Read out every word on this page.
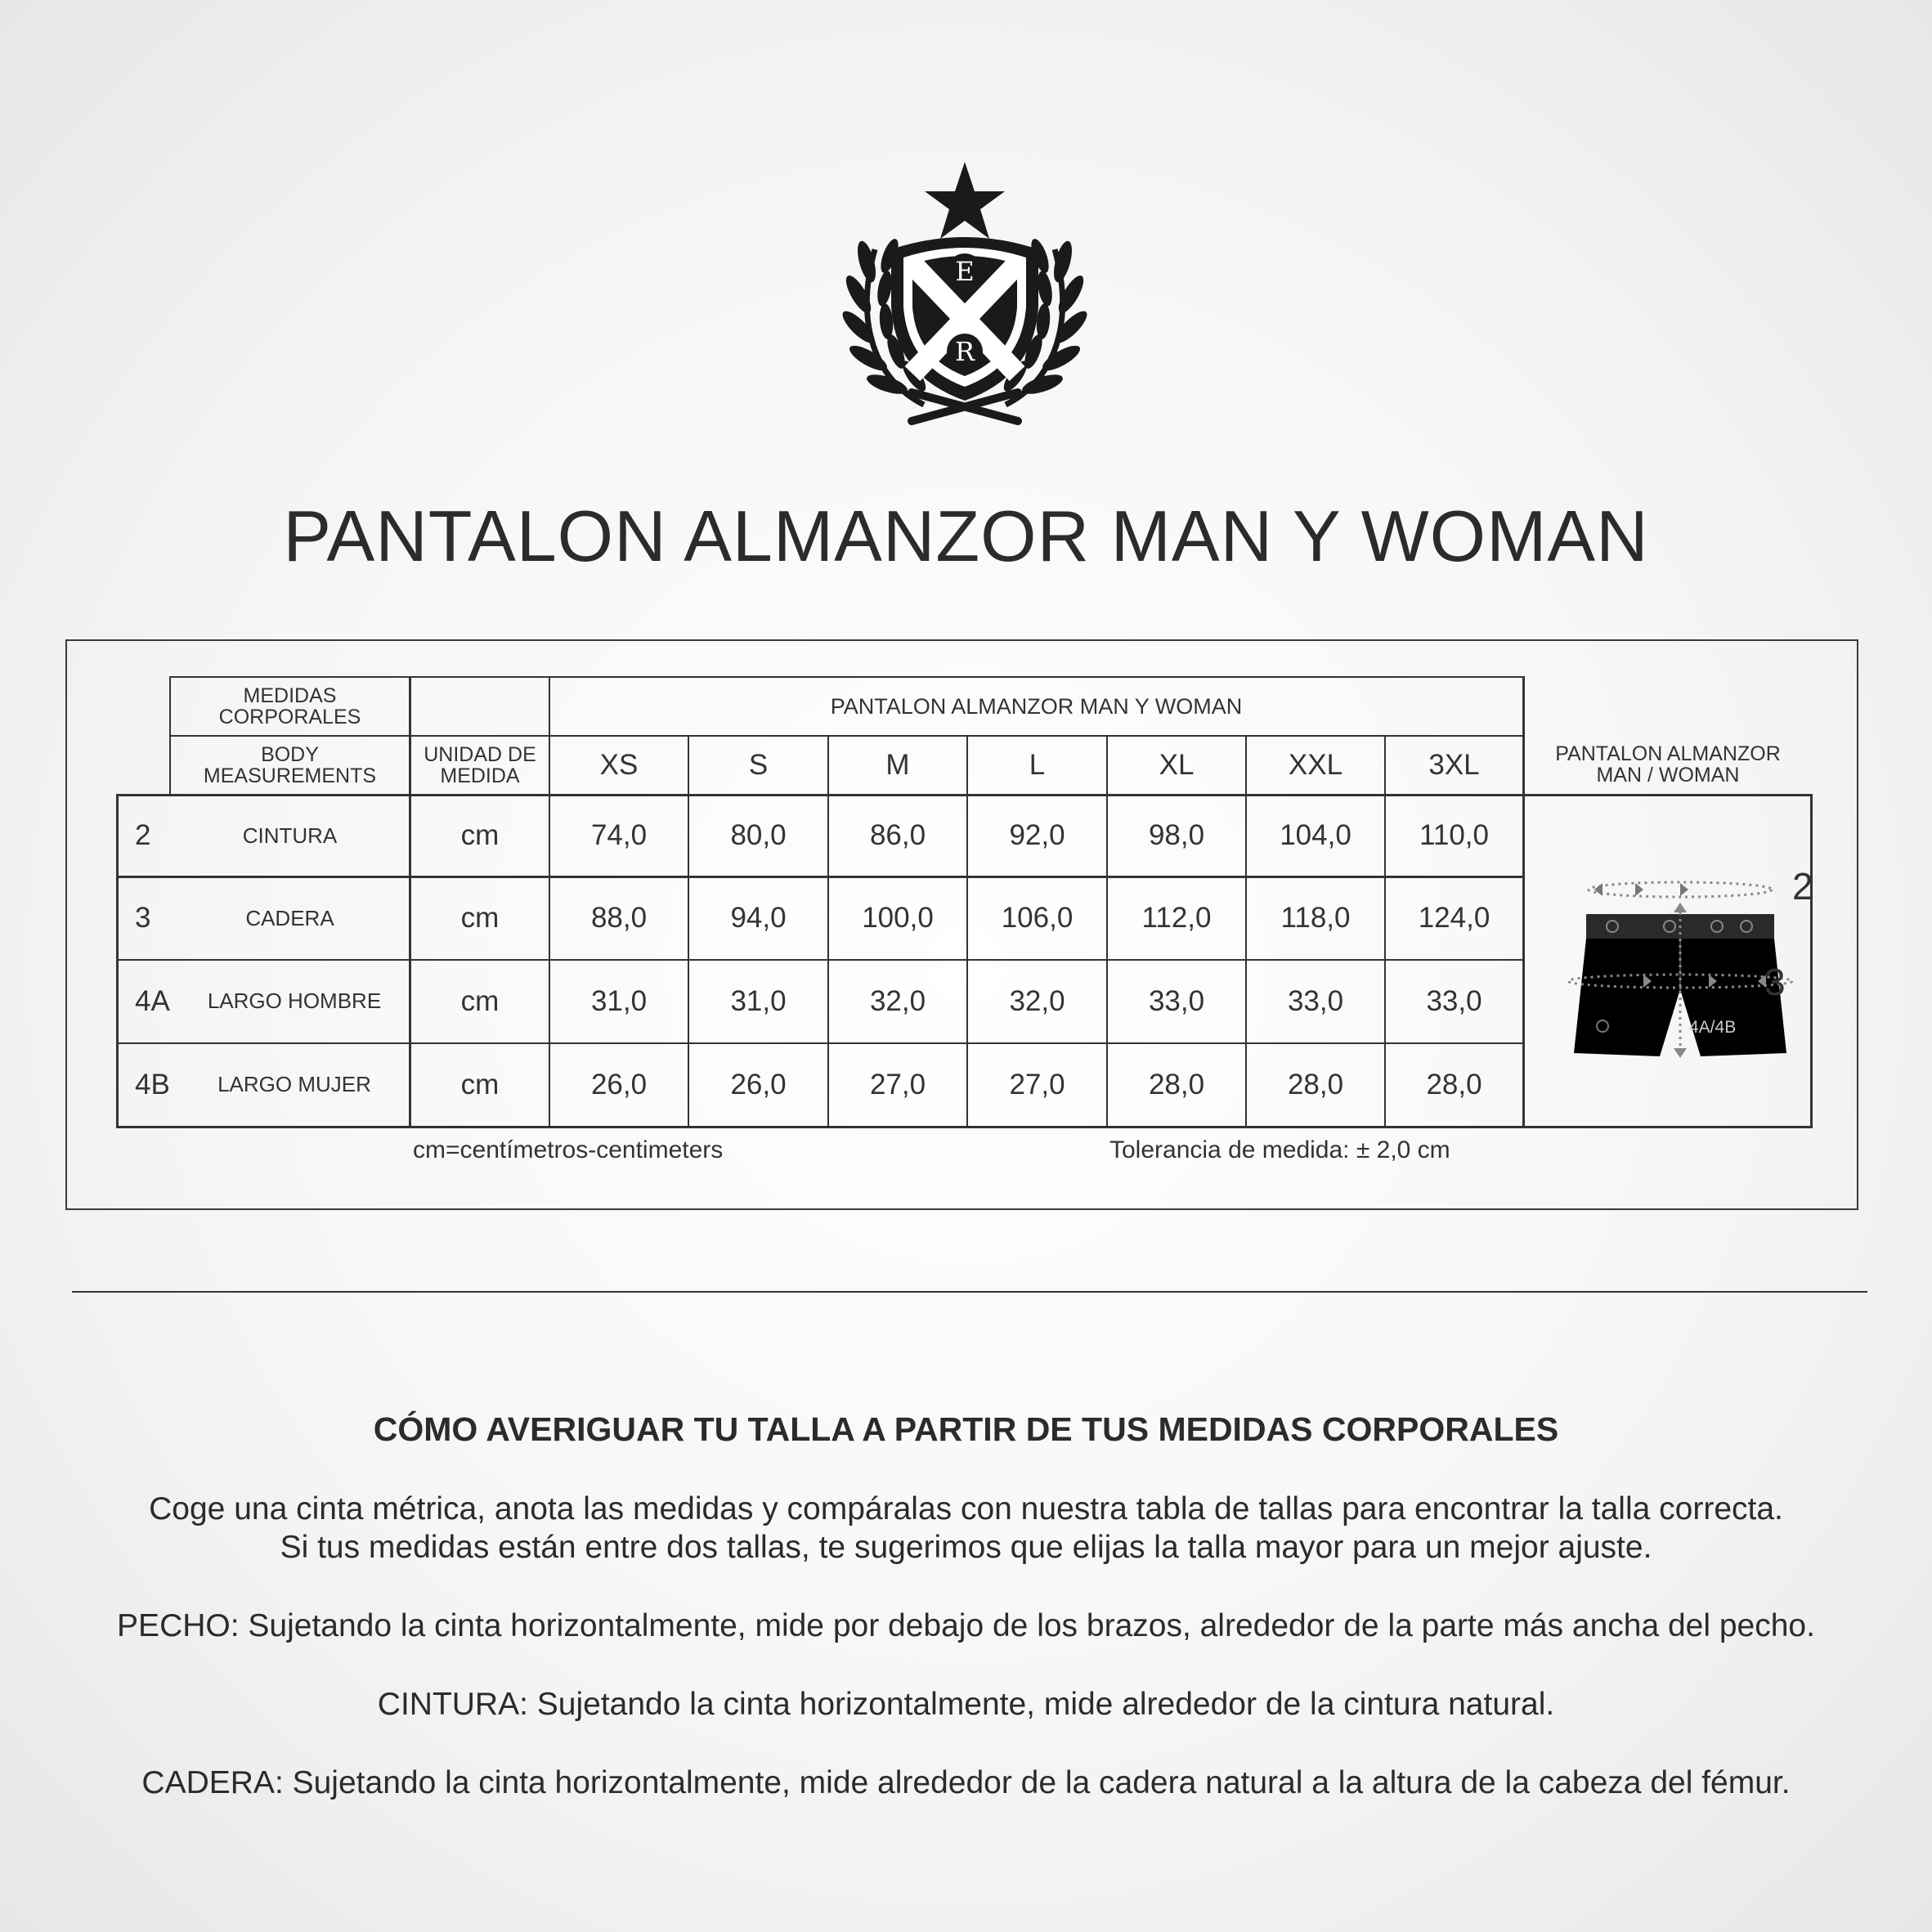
E
R
PANTALON ALMANZOR MAN Y WOMAN
MEDIDAS
CORPORALES
BODY
MEASUREMENTS
UNIDAD DE
MEDIDA
PANTALON ALMANZOR MAN Y WOMAN
PANTALON ALMANZOR
MAN / WOMAN
XS	S	M	L	XL	XXL	3XL
2	CINTURA	cm	74,0	80,0	86,0	92,0	98,0	104,0	110,0
3	CADERA	cm	88,0	94,0	100,0	106,0	112,0	118,0	124,0
4A	LARGO HOMBRE	cm	31,0	31,0	32,0	32,0	33,0	33,0	33,0
4B	LARGO MUJER	cm	26,0	26,0	27,0	27,0	28,0	28,0	28,0
2
3
4A/4B
cm=centímetros-centimeters	Tolerancia de medida: ± 2,0 cm
CÓMO AVERIGUAR TU TALLA A PARTIR DE TUS MEDIDAS CORPORALES
Coge una cinta métrica, anota las medidas y compáralas con nuestra tabla de tallas para encontrar la talla correcta.
Si tus medidas están entre dos tallas, te sugerimos que elijas la talla mayor para un mejor ajuste.
PECHO: Sujetando la cinta horizontalmente, mide por debajo de los brazos, alrededor de la parte más ancha del pecho.
CINTURA: Sujetando la cinta horizontalmente, mide alrededor de la cintura natural.
CADERA: Sujetando la cinta horizontalmente, mide alrededor de la cadera natural a la altura de la cabeza del fémur.
